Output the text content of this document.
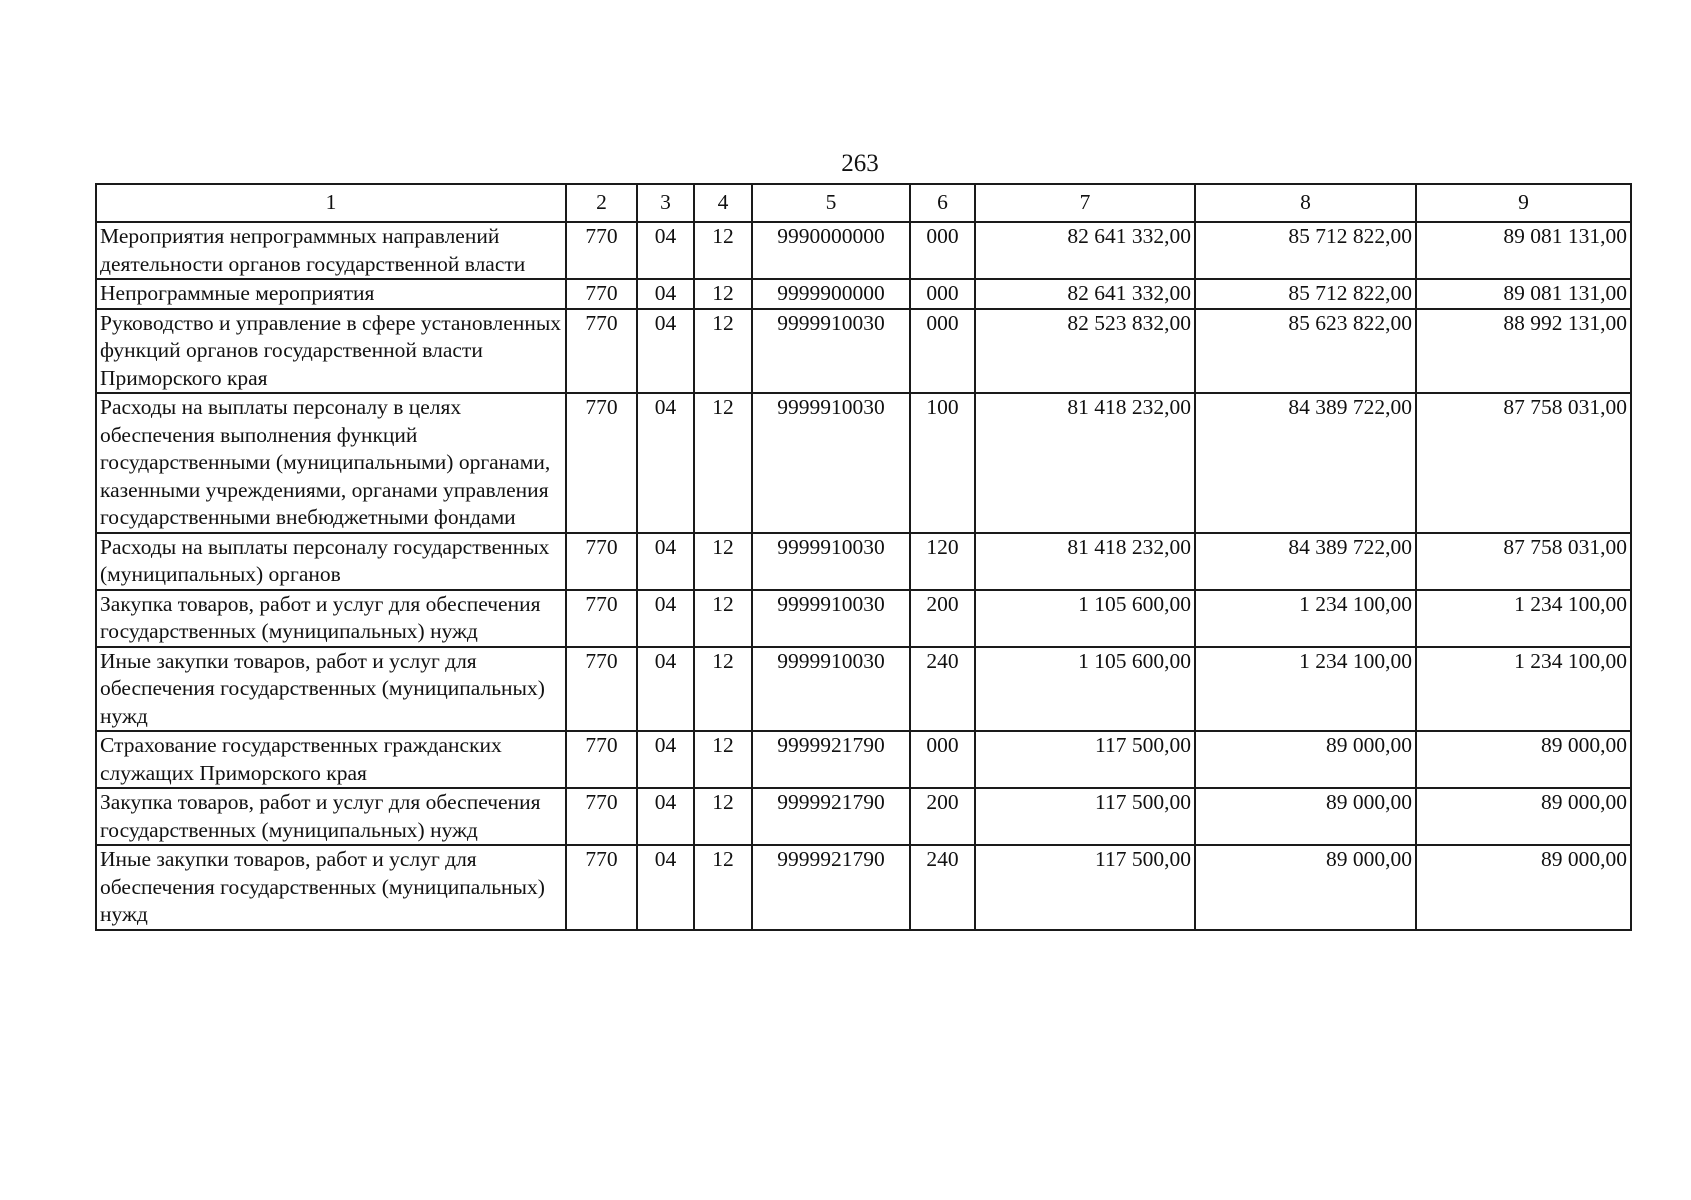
263
1	2	3	4	5	6	7	8	9
Мероприятия непрограммных направлений деятельности органов государственной власти	770	04	12	9990000000	000	82 641 332,00	85 712 822,00	89 081 131,00
Непрограммные мероприятия	770	04	12	9999900000	000	82 641 332,00	85 712 822,00	89 081 131,00
Руководство и управление в сфере установленных функций органов государственной власти Приморского края	770	04	12	9999910030	000	82 523 832,00	85 623 822,00	88 992 131,00
Расходы на выплаты персоналу в целях обеспечения выполнения функций государственными (муниципальными) органами, казенными учреждениями, органами управления государственными внебюджетными фондами	770	04	12	9999910030	100	81 418 232,00	84 389 722,00	87 758 031,00
Расходы на выплаты персоналу государственных (муниципальных) органов	770	04	12	9999910030	120	81 418 232,00	84 389 722,00	87 758 031,00
Закупка товаров, работ и услуг для обеспечения государственных (муниципальных) нужд	770	04	12	9999910030	200	1 105 600,00	1 234 100,00	1 234 100,00
Иные закупки товаров, работ и услуг для обеспечения государственных (муниципальных) нужд	770	04	12	9999910030	240	1 105 600,00	1 234 100,00	1 234 100,00
Страхование государственных гражданских служащих Приморского края	770	04	12	9999921790	000	117 500,00	89 000,00	89 000,00
Закупка товаров, работ и услуг для обеспечения государственных (муниципальных) нужд	770	04	12	9999921790	200	117 500,00	89 000,00	89 000,00
Иные закупки товаров, работ и услуг для обеспечения государственных (муниципальных) нужд	770	04	12	9999921790	240	117 500,00	89 000,00	89 000,00
